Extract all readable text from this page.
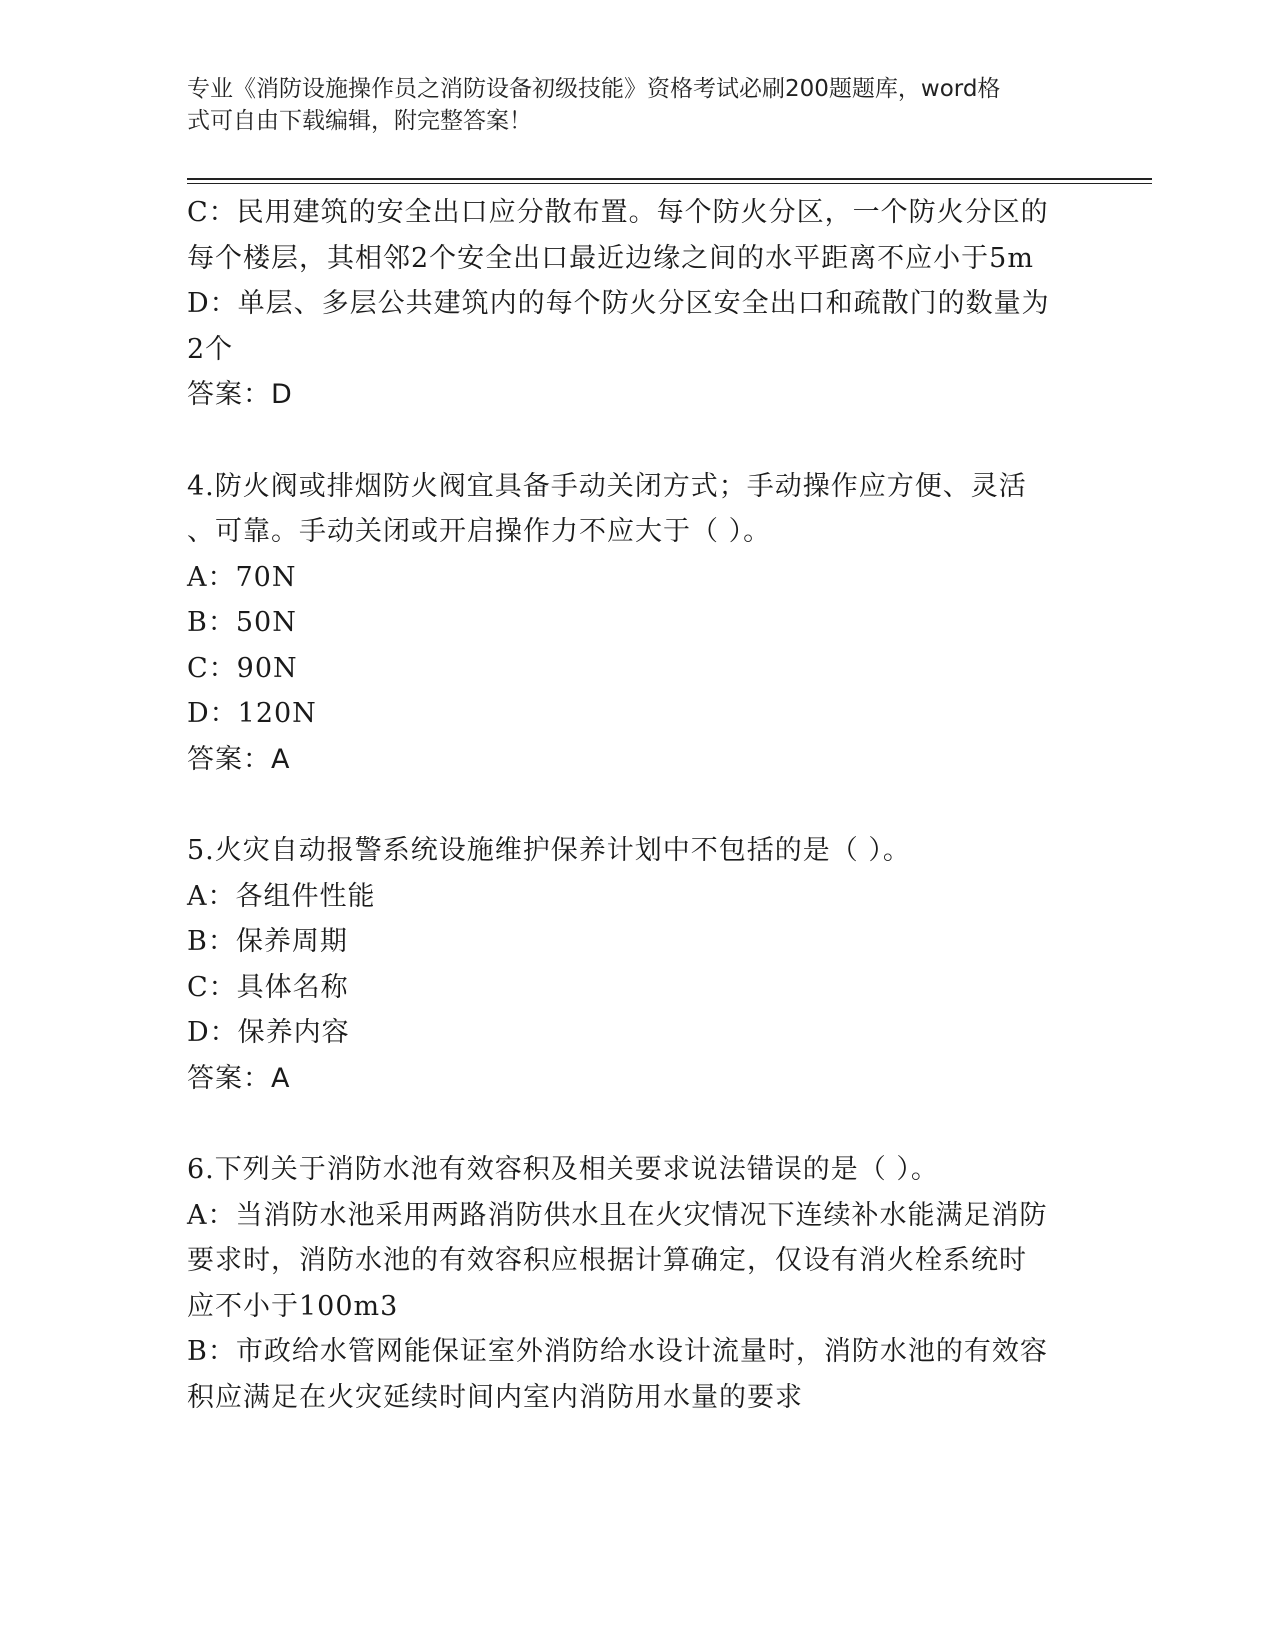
专业《消防设施操作员之消防设备初级技能》资格考试必刷200题题库，word格
式可自由下载编辑，附完整答案！
C：民用建筑的安全出口应分散布置。每个防火分区，一个防火分区的
每个楼层，其相邻2个安全出口最近边缘之间的水平距离不应小于5m
D：单层、多层公共建筑内的每个防火分区安全出口和疏散门的数量为
2个
答案：D
4.防火阀或排烟防火阀宜具备手动关闭方式；手动操作应方便、灵活
、可靠。手动关闭或开启操作力不应大于（ ）。
A：70N
B：50N
C：90N
D：120N
答案：A
5.火灾自动报警系统设施维护保养计划中不包括的是（ ）。
A：各组件性能
B：保养周期
C：具体名称
D：保养内容
答案：A
6.下列关于消防水池有效容积及相关要求说法错误的是（ ）。
A：当消防水池采用两路消防供水且在火灾情况下连续补水能满足消防
要求时，消防水池的有效容积应根据计算确定，仅设有消火栓系统时
应不小于100m3
B：市政给水管网能保证室外消防给水设计流量时，消防水池的有效容
积应满足在火灾延续时间内室内消防用水量的要求
